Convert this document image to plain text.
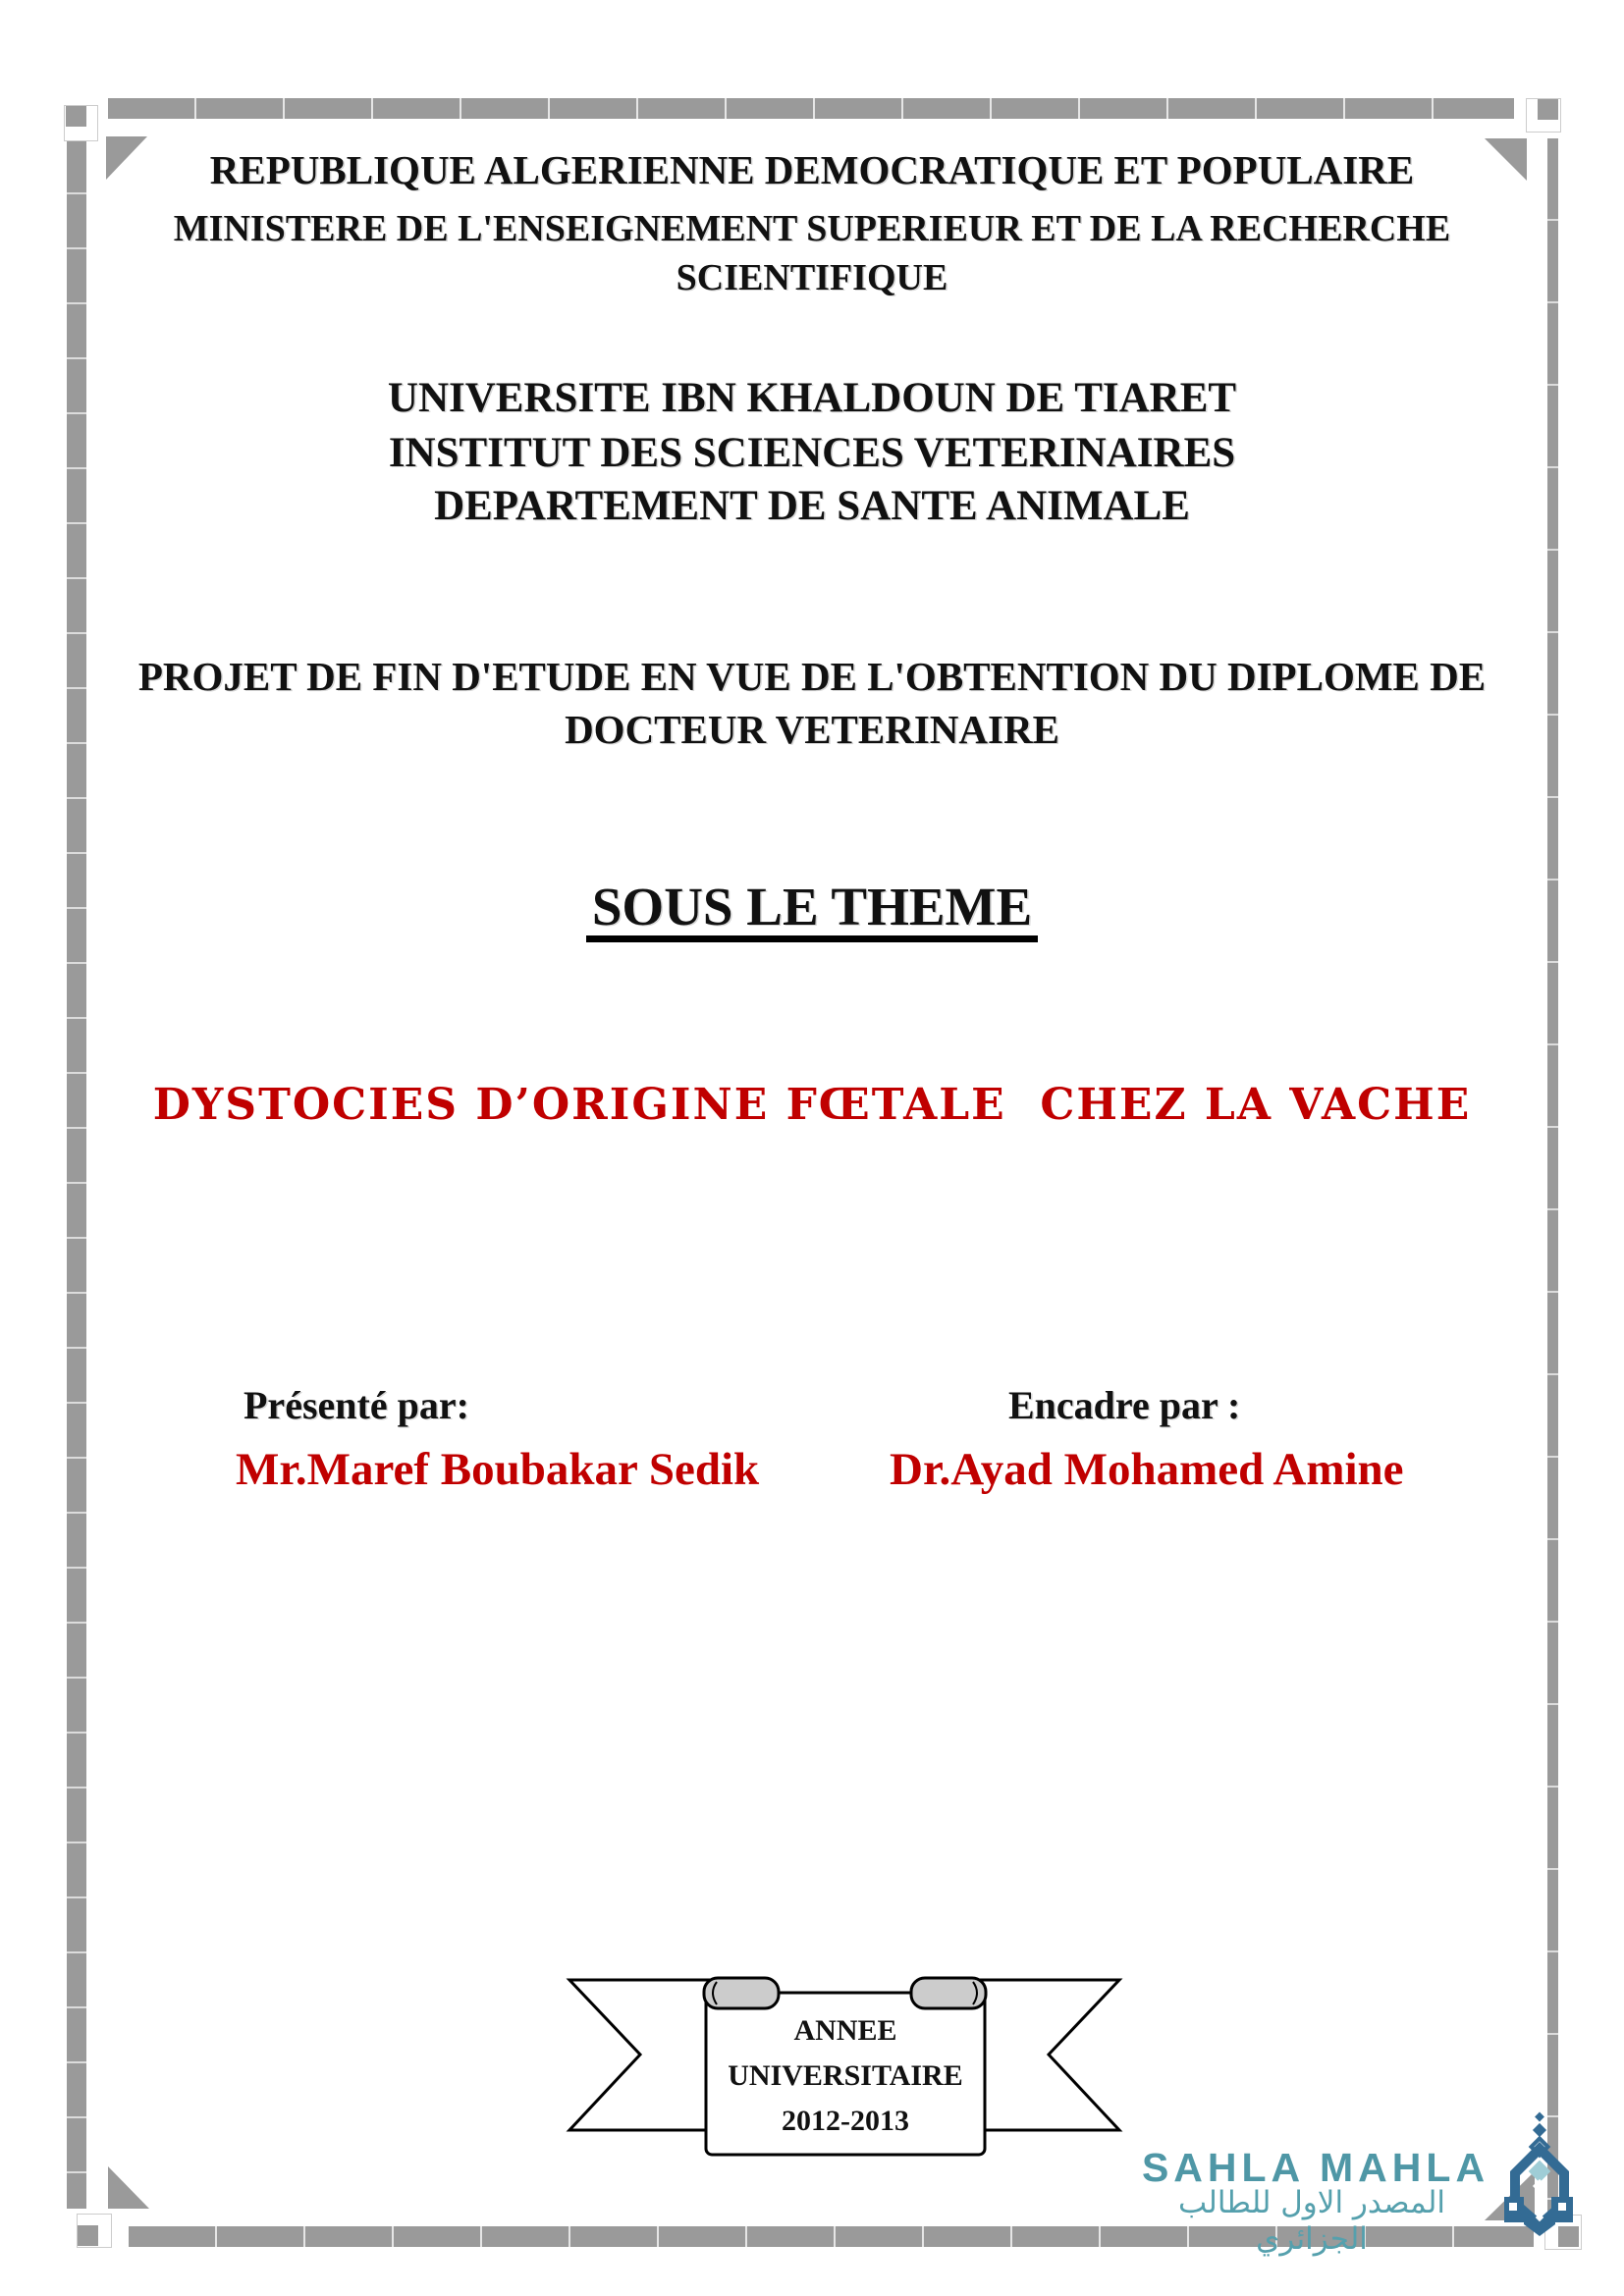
REPUBLIQUE ALGERIENNE DEMOCRATIQUE ET POPULAIRE
MINISTERE DE L'ENSEIGNEMENT SUPERIEUR ET DE LA RECHERCHE
SCIENTIFIQUE
UNIVERSITE IBN KHALDOUN DE TIARET
INSTITUT DES SCIENCES VETERINAIRES
DEPARTEMENT DE SANTE ANIMALE
PROJET DE FIN D'ETUDE EN VUE DE L'OBTENTION DU DIPLOME DE
DOCTEUR VETERINAIRE
SOUS LE THEME
DYSTOCIES D’ORIGINE FŒTALE  CHEZ LA VACHE
Présenté par:	Encadre par :
Mr.Maref Boubakar Sedik	Dr.Ayad Mohamed Amine
ANNEE
UNIVERSITAIRE
2012-2013
SAHLA MAHLA
المصدر الاول للطالب الجزائري
